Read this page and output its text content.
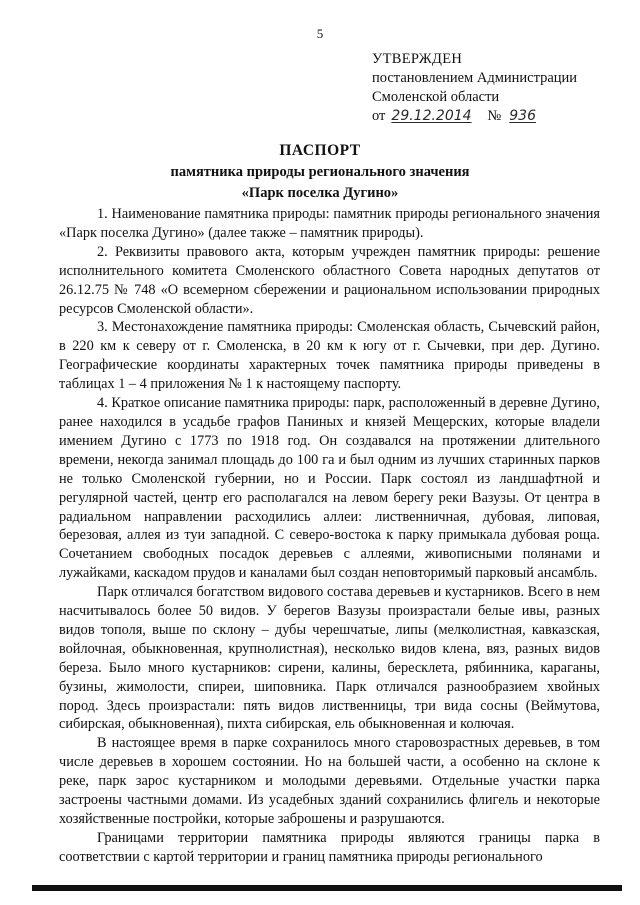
5
УТВЕРЖДЕН
постановлением Администрации
Смоленской области
от 29.12.2014	№ 936
ПАСПОРТ
памятника природы регионального значения
«Парк поселка Дугино»

1. Наименование памятника природы: памятник природы регионального значения «Парк поселка Дугино» (далее также – памятник природы).

2. Реквизиты правового акта, которым учрежден памятник природы: решение исполнительного комитета Смоленского областного Совета народных депутатов от 26.12.75 № 748 «О всемерном сбережении и рациональном использовании природных ресурсов Смоленской области».

3. Местонахождение памятника природы: Смоленская область, Сычевский район, в 220 км к северу от г. Смоленска, в 20 км к югу от г. Сычевки, при дер. Дугино. Географические координаты характерных точек памятника природы приведены в таблицах 1 – 4 приложения № 1 к настоящему паспорту.

4. Краткое описание памятника природы: парк, расположенный в деревне Дугино, ранее находился в усадьбе графов Паниных и князей Мещерских, которые владели имением Дугино с 1773 по 1918 год. Он создавался на протяжении длительного времени, некогда занимал площадь до 100 га и был одним из лучших старинных парков не только Смоленской губернии, но и России. Парк состоял из ландшафтной и регулярной частей, центр его располагался на левом берегу реки Вазузы. От центра в радиальном направлении расходились аллеи: лиственничная, дубовая, липовая, березовая, аллея из туи западной. С северо-востока к парку примыкала дубовая роща. Сочетанием свободных посадок деревьев с аллеями, живописными полянами и лужайками, каскадом прудов и каналами был создан неповторимый парковый ансамбль.

Парк отличался богатством видового состава деревьев и кустарников. Всего в нем насчитывалось более 50 видов. У берегов Вазузы произрастали белые ивы, разных видов тополя, выше по склону – дубы черешчатые, липы (мелколистная, кавказская, войлочная, обыкновенная, крупнолистная), несколько видов клена, вяз, разных видов береза. Было много кустарников: сирени, калины, бересклета, рябинника, караганы, бузины, жимолости, спиреи, шиповника. Парк отличался разнообразием хвойных пород. Здесь произрастали: пять видов лиственницы, три вида сосны (Веймутова, сибирская, обыкновенная), пихта сибирская, ель обыкновенная и колючая.

В настоящее время в парке сохранилось много старовозрастных деревьев, в том числе деревьев в хорошем состоянии. Но на большей части, а особенно на склоне к реке, парк зарос кустарником и молодыми деревьями. Отдельные участки парка застроены частными домами. Из усадебных зданий сохранились флигель и некоторые хозяйственные постройки, которые заброшены и разрушаются.

Границами территории памятника природы являются границы парка в соответствии с картой территории и границ памятника природы регионального
